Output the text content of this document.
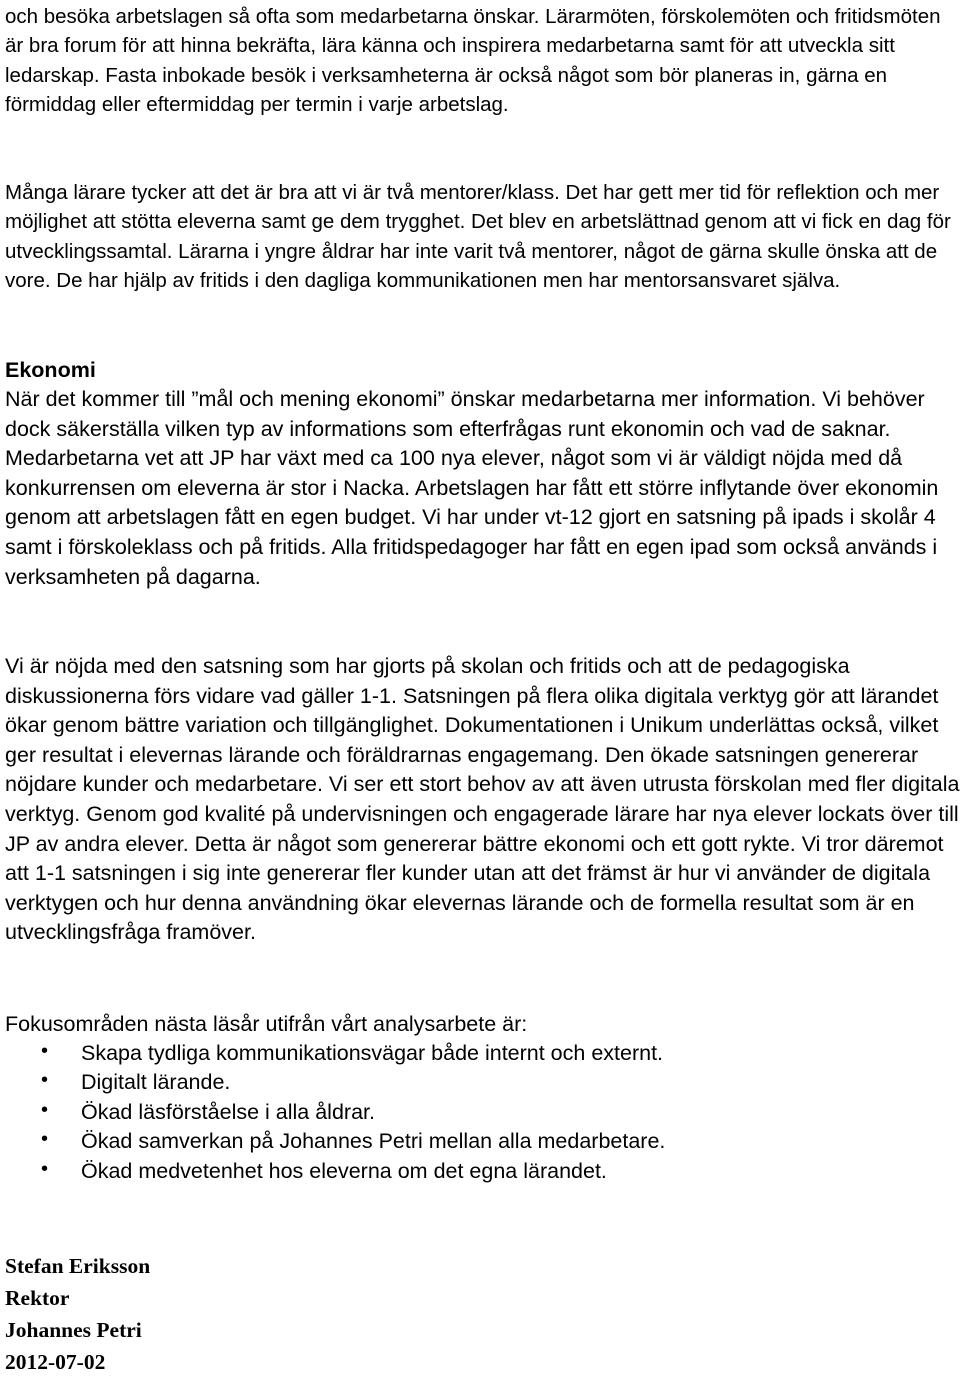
och besöka arbetslagen så ofta som medarbetarna önskar. Lärarmöten, förskolemöten och fritidsmöten är bra forum för att hinna bekräfta, lära känna och inspirera medarbetarna samt för att utveckla sitt ledarskap. Fasta inbokade besök i verksamheterna är också något som bör planeras in, gärna en förmiddag eller eftermiddag per termin i varje arbetslag.

Många lärare tycker att det är bra att vi är två mentorer/klass. Det har gett mer tid för reflektion och mer möjlighet att stötta eleverna samt ge dem trygghet. Det blev en arbetslättnad genom att vi fick en dag för utvecklingssamtal. Lärarna i yngre åldrar har inte varit två mentorer, något de gärna skulle önska att de vore. De har hjälp av fritids i den dagliga kommunikationen men har mentorsansvaret själva.

Ekonomi

När det kommer till ”mål och mening ekonomi” önskar medarbetarna mer information. Vi behöver dock säkerställa vilken typ av informations som efterfrågas runt ekonomin och vad de saknar. Medarbetarna vet att JP har växt med ca 100 nya elever, något som vi är väldigt nöjda med då konkurrensen om eleverna är stor i Nacka. Arbetslagen har fått ett större inflytande över ekonomin genom att arbetslagen fått en egen budget. Vi har under vt-12 gjort en satsning på ipads i skolår 4 samt i förskoleklass och på fritids. Alla fritidspedagoger har fått en egen ipad som också används i verksamheten på dagarna.

Vi är nöjda med den satsning som har gjorts på skolan och fritids och att de pedagogiska diskussionerna förs vidare vad gäller 1-1. Satsningen på flera olika digitala verktyg gör att lärandet ökar genom bättre variation och tillgänglighet. Dokumentationen i Unikum underlättas också, vilket ger resultat i elevernas lärande och föräldrarnas engagemang. Den ökade satsningen genererar nöjdare kunder och medarbetare. Vi ser ett stort behov av att även utrusta förskolan med fler digitala verktyg. Genom god kvalité på undervisningen och engagerade lärare har nya elever lockats över till JP av andra elever. Detta är något som genererar bättre ekonomi och ett gott rykte. Vi tror däremot att 1-1 satsningen i sig inte genererar fler kunder utan att det främst är hur vi använder de digitala verktygen och hur denna användning ökar elevernas lärande och de formella resultat som är en utvecklingsfråga framöver.

Fokusområden nästa läsår utifrån vårt analysarbete är:
• Skapa tydliga kommunikationsvägar både internt och externt.
• Digitalt lärande.
• Ökad läsförståelse i alla åldrar.
• Ökad samverkan på Johannes Petri mellan alla medarbetare.
• Ökad medvetenhet hos eleverna om det egna lärandet.
Stefan Eriksson
Rektor
Johannes Petri
2012-07-02
